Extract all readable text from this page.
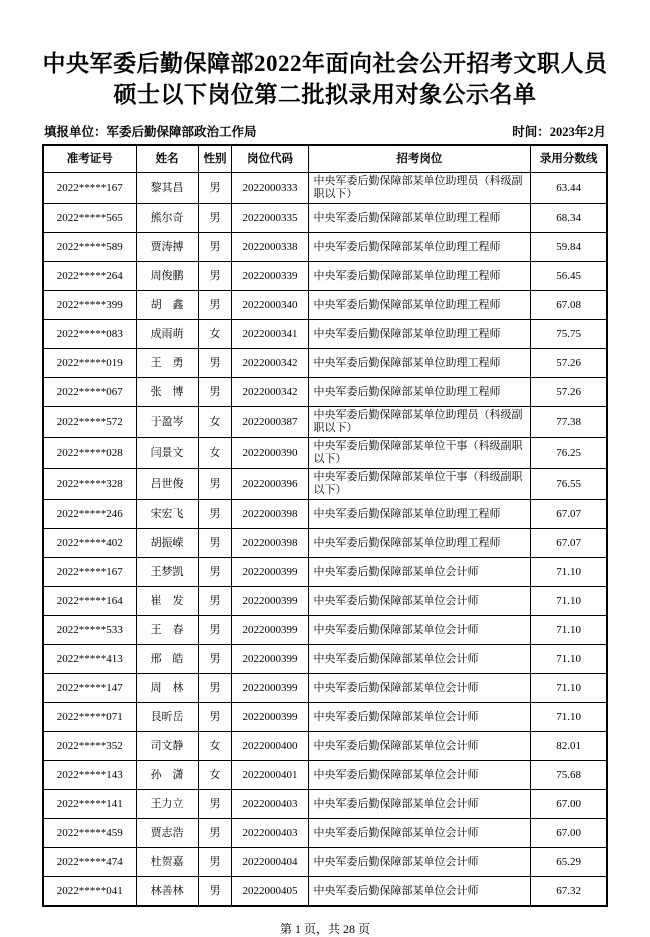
中央军委后勤保障部2022年面向社会公开招考文职人员
硕士以下岗位第二批拟录用对象公示名单
填报单位：军委后勤保障部政治工作局	时间：2023年2月
准考证号	姓名	性别	岗位代码	招考岗位	录用分数线
2022*****167	黎其昌	男	2022000333	中央军委后勤保障部某单位助理员（科级副职以下）	63.44
2022*****565	熊尔奇	男	2022000335	中央军委后勤保障部某单位助理工程师	68.34
2022*****589	贾涛搏	男	2022000338	中央军委后勤保障部某单位助理工程师	59.84
2022*****264	周俊鹏	男	2022000339	中央军委后勤保障部某单位助理工程师	56.45
2022*****399	胡　鑫	男	2022000340	中央军委后勤保障部某单位助理工程师	67.08
2022*****083	成雨萌	女	2022000341	中央军委后勤保障部某单位助理工程师	75.75
2022*****019	王　勇	男	2022000342	中央军委后勤保障部某单位助理工程师	57.26
2022*****067	张　博	男	2022000342	中央军委后勤保障部某单位助理工程师	57.26
2022*****572	于盈岑	女	2022000387	中央军委后勤保障部某单位助理员（科级副职以下）	77.38
2022*****028	闫景文	女	2022000390	中央军委后勤保障部某单位干事（科级副职以下）	76.25
2022*****328	吕世俊	男	2022000396	中央军委后勤保障部某单位干事（科级副职以下）	76.55
2022*****246	宋宏飞	男	2022000398	中央军委后勤保障部某单位助理工程师	67.07
2022*****402	胡振嵘	男	2022000398	中央军委后勤保障部某单位助理工程师	67.07
2022*****167	王梦凯	男	2022000399	中央军委后勤保障部某单位会计师	71.10
2022*****164	崔　发	男	2022000399	中央军委后勤保障部某单位会计师	71.10
2022*****533	王　春	男	2022000399	中央军委后勤保障部某单位会计师	71.10
2022*****413	邢　皓	男	2022000399	中央军委后勤保障部某单位会计师	71.10
2022*****147	周　林	男	2022000399	中央军委后勤保障部某单位会计师	71.10
2022*****071	艮昕岳	男	2022000399	中央军委后勤保障部某单位会计师	71.10
2022*****352	司文静	女	2022000400	中央军委后勤保障部某单位会计师	82.01
2022*****143	孙　潇	女	2022000401	中央军委后勤保障部某单位会计师	75.68
2022*****141	王力立	男	2022000403	中央军委后勤保障部某单位会计师	67.00
2022*****459	贾志浩	男	2022000403	中央军委后勤保障部某单位会计师	67.00
2022*****474	杜贺嘉	男	2022000404	中央军委后勤保障部某单位会计师	65.29
2022*****041	林善林	男	2022000405	中央军委后勤保障部某单位会计师	67.32
第 1 页，共 28 页
